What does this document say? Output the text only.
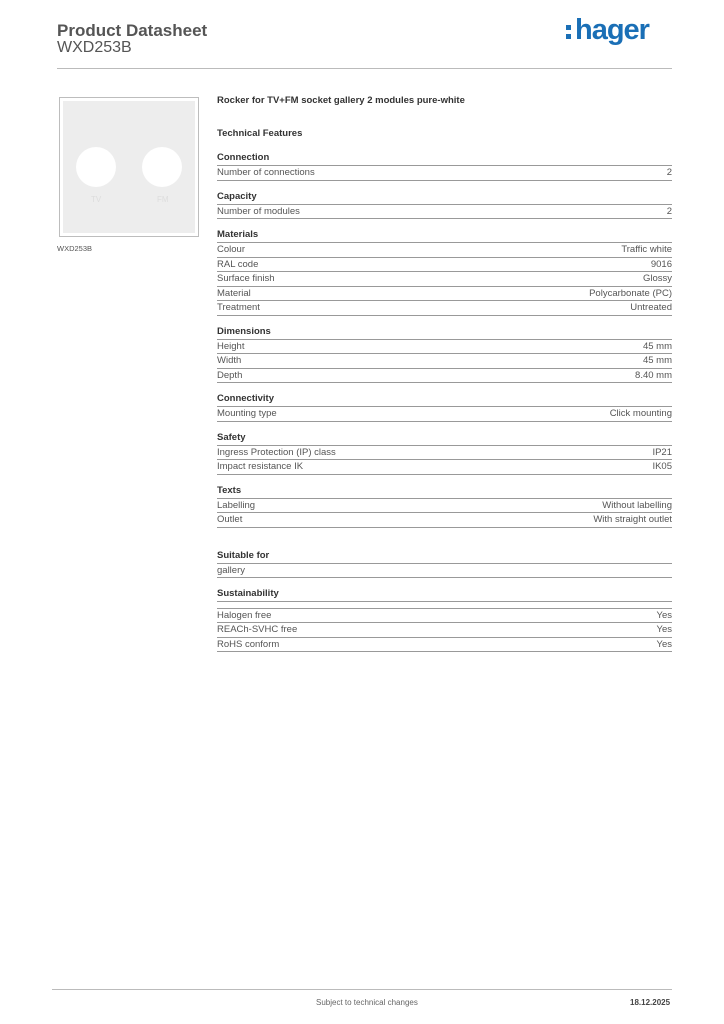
Product Datasheet
WXD253B
hager
TV	FM
WXD253B
Rocker for TV+FM socket gallery 2 modules pure-white
Technical Features
Connection
Number of connections	2
Capacity
Number of modules	2
Materials
Colour	Traffic white
RAL code	9016
Surface finish	Glossy
Material	Polycarbonate (PC)
Treatment	Untreated
Dimensions
Height	45 mm
Width	45 mm
Depth	8.40 mm
Connectivity
Mounting type	Click mounting
Safety
Ingress Protection (IP) class	IP21
Impact resistance IK	IK05
Texts
Labelling	Without labelling
Outlet	With straight outlet
Suitable for
gallery
Sustainability
Halogen free	Yes
REACh-SVHC free	Yes
RoHS conform	Yes
Subject to technical changes	18.12.2025
